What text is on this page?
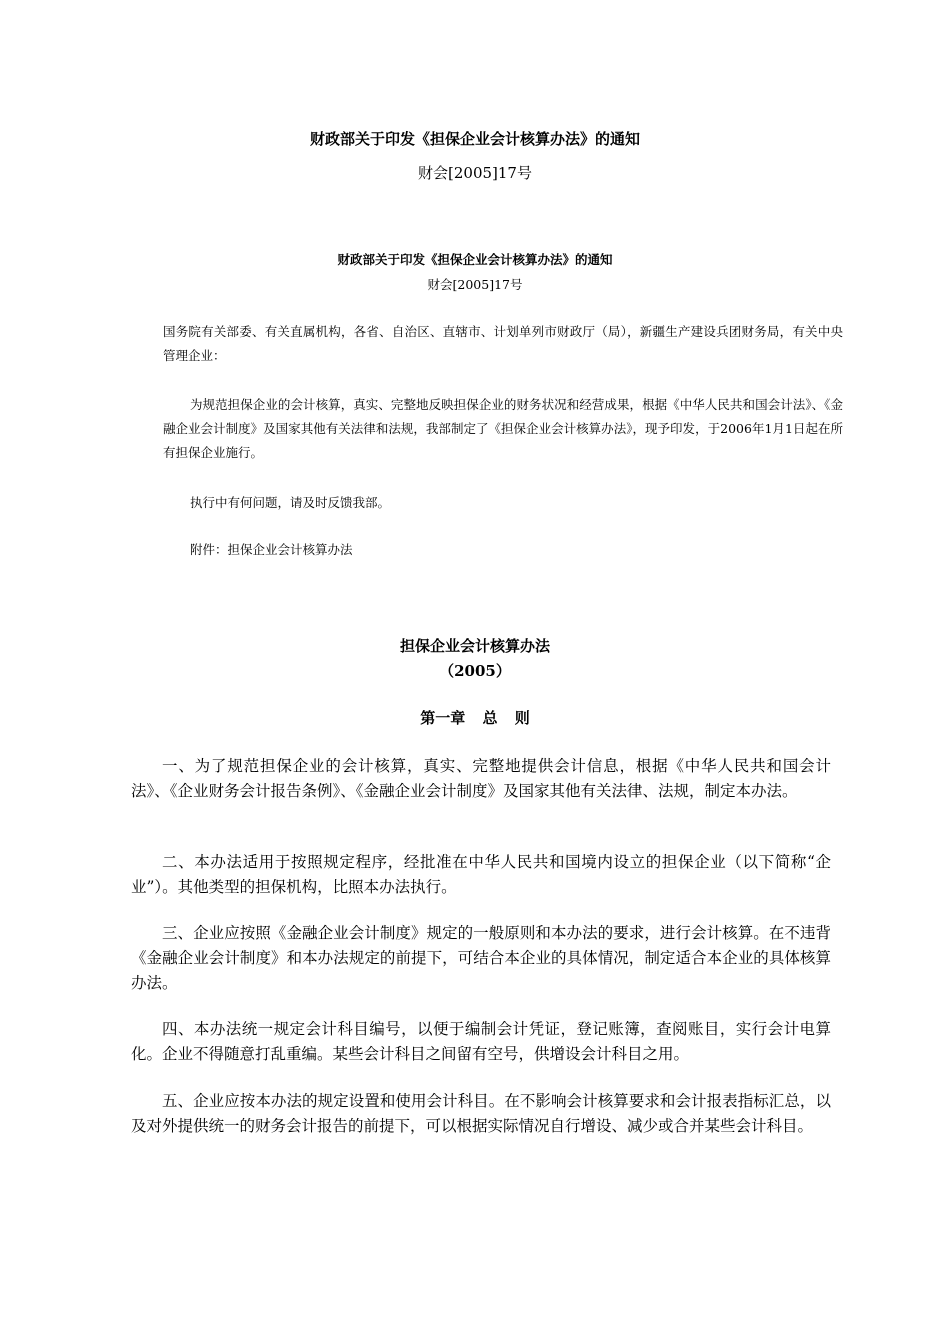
财政部关于印发《担保企业会计核算办法》的通知
财会[2005]17号
财政部关于印发《担保企业会计核算办法》的通知
财会[2005]17号
国务院有关部委、有关直属机构，各省、自治区、直辖市、计划单列市财政厅（局），新疆生产建设兵团财务局，有关中央管理企业：
为规范担保企业的会计核算，真实、完整地反映担保企业的财务状况和经营成果，根据《中华人民共和国会计法》、《金融企业会计制度》及国家其他有关法律和法规，我部制定了《担保企业会计核算办法》，现予印发，于2006年1月1日起在所有担保企业施行。
执行中有何问题，请及时反馈我部。
附件：担保企业会计核算办法
担保企业会计核算办法
（2005）
第一章 总 则
一、为了规范担保企业的会计核算，真实、完整地提供会计信息，根据《中华人民共和国会计法》、《企业财务会计报告条例》、《金融企业会计制度》及国家其他有关法律、法规，制定本办法。
二、本办法适用于按照规定程序，经批准在中华人民共和国境内设立的担保企业（以下简称“企业”）。其他类型的担保机构，比照本办法执行。
三、企业应按照《金融企业会计制度》规定的一般原则和本办法的要求，进行会计核算。在不违背《金融企业会计制度》和本办法规定的前提下，可结合本企业的具体情况，制定适合本企业的具体核算办法。
四、本办法统一规定会计科目编号，以便于编制会计凭证，登记账簿，查阅账目，实行会计电算化。企业不得随意打乱重编。某些会计科目之间留有空号，供增设会计科目之用。
五、企业应按本办法的规定设置和使用会计科目。在不影响会计核算要求和会计报表指标汇总，以及对外提供统一的财务会计报告的前提下，可以根据实际情况自行增设、减少或合并某些会计科目。
